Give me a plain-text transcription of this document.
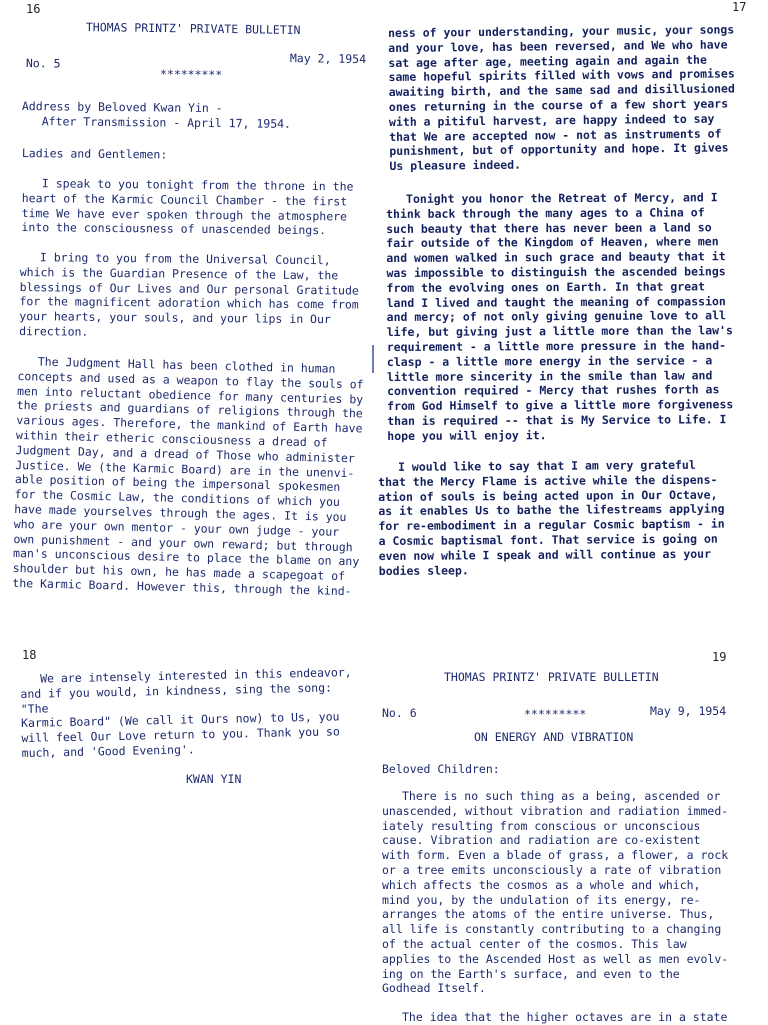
16
THOMAS PRINTZ' PRIVATE BULLETIN
No. 5	May 2, 1954
*********

Address by Beloved Kwan Yin -

After Transmission - April 17, 1954.

Ladies and Gentlemen:

I speak to you tonight from the throne in the
heart of the Karmic Council Chamber - the first
time We have ever spoken through the atmosphere
into the consciousness of unascended beings.

I bring to you from the Universal Council,
which is the Guardian Presence of the Law, the
blessings of Our Lives and Our personal Gratitude
for the magnificent adoration which has come from
your hearts, your souls, and your lips in Our
direction.

The Judgment Hall has been clothed in human
concepts and used as a weapon to flay the souls of
men into reluctant obedience for many centuries by
the priests and guardians of religions through the
various ages. Therefore, the mankind of Earth have
within their etheric consciousness a dread of
Judgment Day, and a dread of Those who administer
Justice. We (the Karmic Board) are in the unenvi-
able position of being the impersonal spokesmen
for the Cosmic Law, the conditions of which you
have made yourselves through the ages. It is you
who are your own mentor - your own judge - your
own punishment - and your own reward; but through
man's unconscious desire to place the blame on any
shoulder but his own, he has made a scapegoat of
the Karmic Board. However this, through the kind-

17

ness of your understanding, your music, your songs
and your love, has been reversed, and We who have
sat age after age, meeting again and again the
same hopeful spirits filled with vows and promises
awaiting birth, and the same sad and disillusioned
ones returning in the course of a few short years
with a pitiful harvest, are happy indeed to say
that We are accepted now - not as instruments of
punishment, but of opportunity and hope. It gives
Us pleasure indeed.

Tonight you honor the Retreat of Mercy, and I
think back through the many ages to a China of
such beauty that there has never been a land so
fair outside of the Kingdom of Heaven, where men
and women walked in such grace and beauty that it
was impossible to distinguish the ascended beings
from the evolving ones on Earth. In that great
land I lived and taught the meaning of compassion
and mercy; of not only giving genuine love to all
life, but giving just a little more than the law's
requirement - a little more pressure in the hand-
clasp - a little more energy in the service - a
little more sincerity in the smile than law and
convention required - Mercy that rushes forth as
from God Himself to give a little more forgiveness
than is required -- that is My Service to Life. I
hope you will enjoy it.

I would like to say that I am very grateful
that the Mercy Flame is active while the dispens-
ation of souls is being acted upon in Our Octave,
as it enables Us to bathe the lifestreams applying
for re-embodiment in a regular Cosmic baptism - in
a Cosmic baptismal font. That service is going on
even now while I speak and will continue as your
bodies sleep.

18

We are intensely interested in this endeavor,
and if you would, in kindness, sing the song: "The
Karmic Board" (We call it Ours now) to Us, you
will feel Our Love return to you. Thank you so
much, and 'Good Evening'.

KWAN YIN
19
THOMAS PRINTZ' PRIVATE BULLETIN
No. 6	*********	May 9, 1954
ON ENERGY AND VIBRATION
Beloved Children:

There is no such thing as a being, ascended or
unascended, without vibration and radiation immed-
iately resulting from conscious or unconscious
cause. Vibration and radiation are co-existent
with form. Even a blade of grass, a flower, a rock
or a tree emits unconsciously a rate of vibration
which affects the cosmos as a whole and which,
mind you, by the undulation of its energy, re-
arranges the atoms of the entire universe. Thus,
all life is constantly contributing to a changing
of the actual center of the cosmos. This law
applies to the Ascended Host as well as men evolv-
ing on the Earth's surface, and even to the
Godhead Itself.

The idea that the higher octaves are in a state
